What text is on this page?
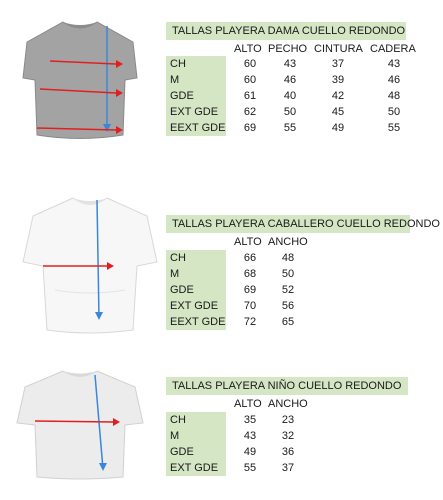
TALLAS PLAYERA DAMA CUELLO REDONDO
ALTO PECHO CINTURA CADERA
CH	60	43	37	43
M	60	46	39	46
GDE	61	40	42	48
EXT GDE	62	50	45	50
EEXT GDE	69	55	49	55
TALLAS PLAYERA CABALLERO CUELLO REDONDO
ALTO ANCHO
CH	66	48
M	68	50
GDE	69	52
EXT GDE	70	56
EEXT GDE	72	65
TALLAS PLAYERA NIÑO CUELLO REDONDO
ALTO ANCHO
CH	35	23
M	43	32
GDE	49	36
EXT GDE	55	37
